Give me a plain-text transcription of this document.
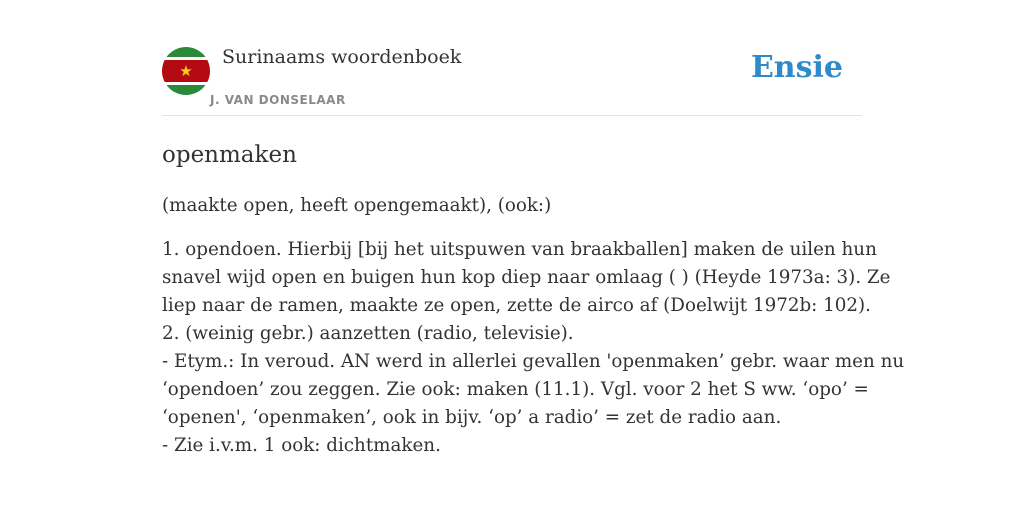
★
Surinaams woordenboek
J. VAN DONSELAAR
Ensie
openmaken
(maakte open, heeft opengemaakt), (ook:)
1. opendoen. Hierbij [bij het uitspuwen van braakballen] maken de uilen hun
snavel wijd open en buigen hun kop diep naar omlaag ( ) (Heyde 1973a: 3). Ze
liep naar de ramen, maakte ze open, zette de airco af (Doelwijt 1972b: 102).
2. (weinig gebr.) aanzetten (radio, televisie).
- Etym.: In veroud. AN werd in allerlei gevallen 'openmaken’ gebr. waar men nu
‘opendoen’ zou zeggen. Zie ook: maken (11.1). Vgl. voor 2 het S ww. ‘opo’ =
‘openen', ‘openmaken’, ook in bijv. ‘op’ a radio’ = zet de radio aan.
- Zie i.v.m. 1 ook: dichtmaken.
